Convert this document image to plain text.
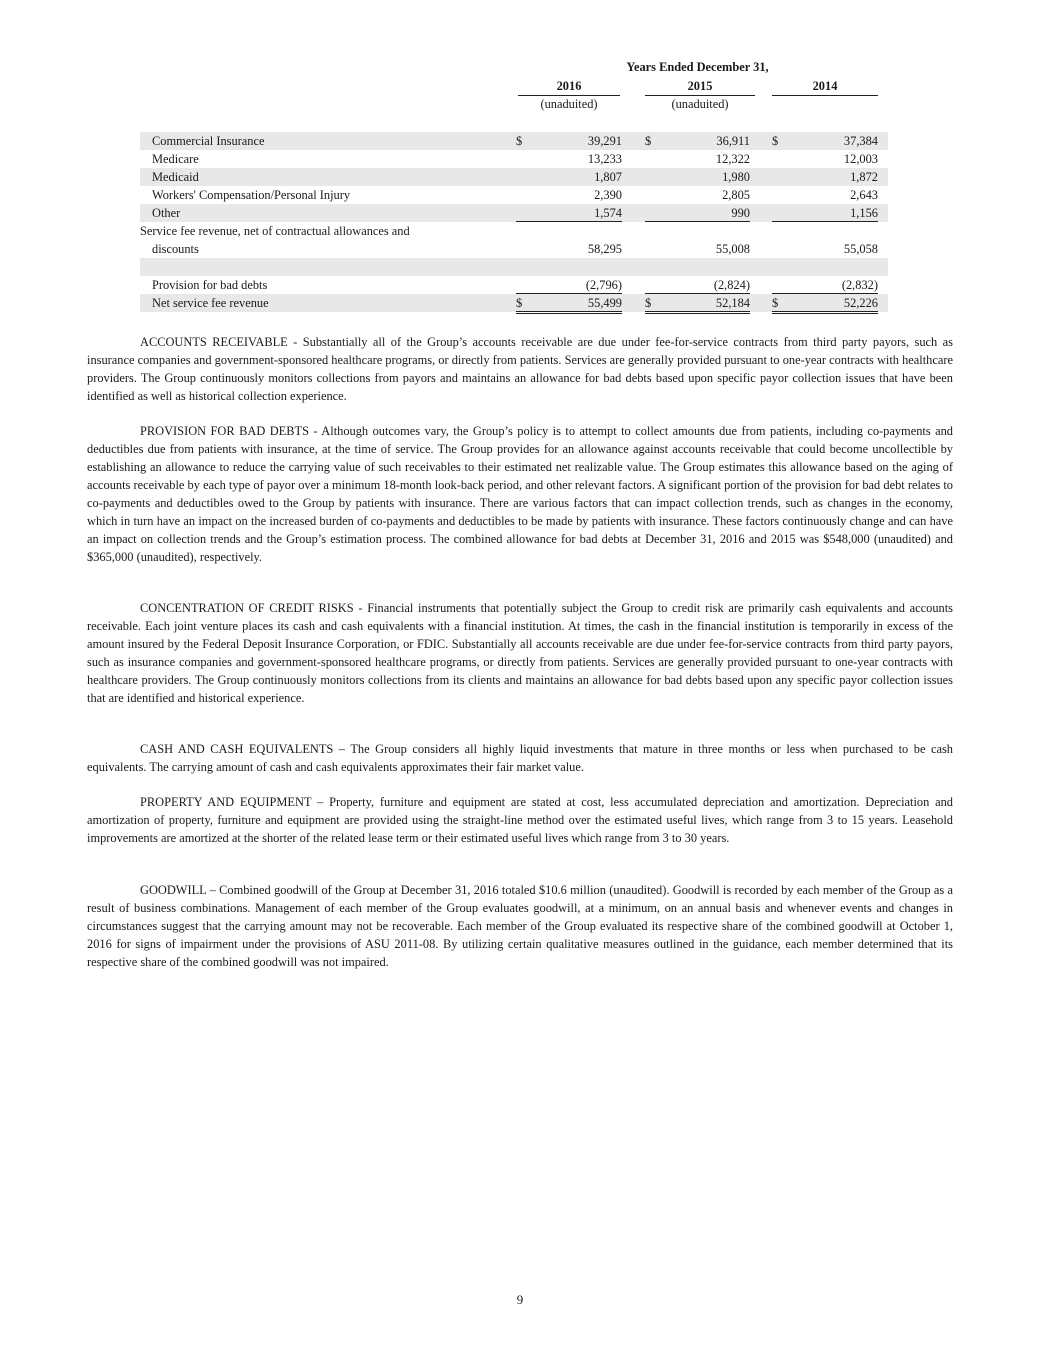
Years Ended December 31,
2016	2015	2014
(unaduited)	(unaduited)
Commercial Insurance	$	39,291 $	36,911 $	37,384
Medicare	13,233	12,322	12,003
Medicaid	1,807	1,980	1,872
Workers' Compensation/Personal Injury	2,390	2,805	2,643
Other	1,574	990	1,156
Service fee revenue, net of contractual allowances and
discounts	58,295	55,008	55,058
Provision for bad debts	(2,796)	(2,824)	(2,832)
Net service fee revenue	$	55,499 $	52,184 $	52,226

ACCOUNTS RECEIVABLE - Substantially all of the Group’s accounts receivable are due under fee-for-service contracts from third party payors, such as insurance companies and government-sponsored healthcare programs, or directly from patients. Services are generally provided pursuant to one-year contracts with healthcare providers. The Group continuously monitors collections from payors and maintains an allowance for bad debts based upon specific payor collection issues that have been identified as well as historical collection experience.

PROVISION FOR BAD DEBTS - Although outcomes vary, the Group’s policy is to attempt to collect amounts due from patients, including co-payments and deductibles due from patients with insurance, at the time of service. The Group provides for an allowance against accounts receivable that could become uncollectible by establishing an allowance to reduce the carrying value of such receivables to their estimated net realizable value. The Group estimates this allowance based on the aging of accounts receivable by each type of payor over a minimum 18-month look-back period, and other relevant factors. A significant portion of the provision for bad debt relates to co-payments and deductibles owed to the Group by patients with insurance. There are various factors that can impact collection trends, such as changes in the economy, which in turn have an impact on the increased burden of co-payments and deductibles to be made by patients with insurance. These factors continuously change and can have an impact on collection trends and the Group’s estimation process. The combined allowance for bad debts at December 31, 2016 and 2015 was $548,000 (unaudited) and $365,000 (unaudited), respectively.

CONCENTRATION OF CREDIT RISKS - Financial instruments that potentially subject the Group to credit risk are primarily cash equivalents and accounts receivable. Each joint venture places its cash and cash equivalents with a financial institution. At times, the cash in the financial institution is temporarily in excess of the amount insured by the Federal Deposit Insurance Corporation, or FDIC. Substantially all accounts receivable are due under fee-for-service contracts from third party payors, such as insurance companies and government-sponsored healthcare programs, or directly from patients. Services are generally provided pursuant to one-year contracts with healthcare providers. The Group continuously monitors collections from its clients and maintains an allowance for bad debts based upon any specific payor collection issues that are identified and historical experience.

CASH AND CASH EQUIVALENTS – The Group considers all highly liquid investments that mature in three months or less when purchased to be cash equivalents. The carrying amount of cash and cash equivalents approximates their fair market value.

PROPERTY AND EQUIPMENT – Property, furniture and equipment are stated at cost, less accumulated depreciation and amortization. Depreciation and amortization of property, furniture and equipment are provided using the straight-line method over the estimated useful lives, which range from 3 to 15 years. Leasehold improvements are amortized at the shorter of the related lease term or their estimated useful lives which range from 3 to 30 years.

GOODWILL – Combined goodwill of the Group at December 31, 2016 totaled $10.6 million (unaudited). Goodwill is recorded by each member of the Group as a result of business combinations. Management of each member of the Group evaluates goodwill, at a minimum, on an annual basis and whenever events and changes in circumstances suggest that the carrying amount may not be recoverable. Each member of the Group evaluated its respective share of the combined goodwill at October 1, 2016 for signs of impairment under the provisions of ASU 2011-08. By utilizing certain qualitative measures outlined in the guidance, each member determined that its respective share of the combined goodwill was not impaired.

9
